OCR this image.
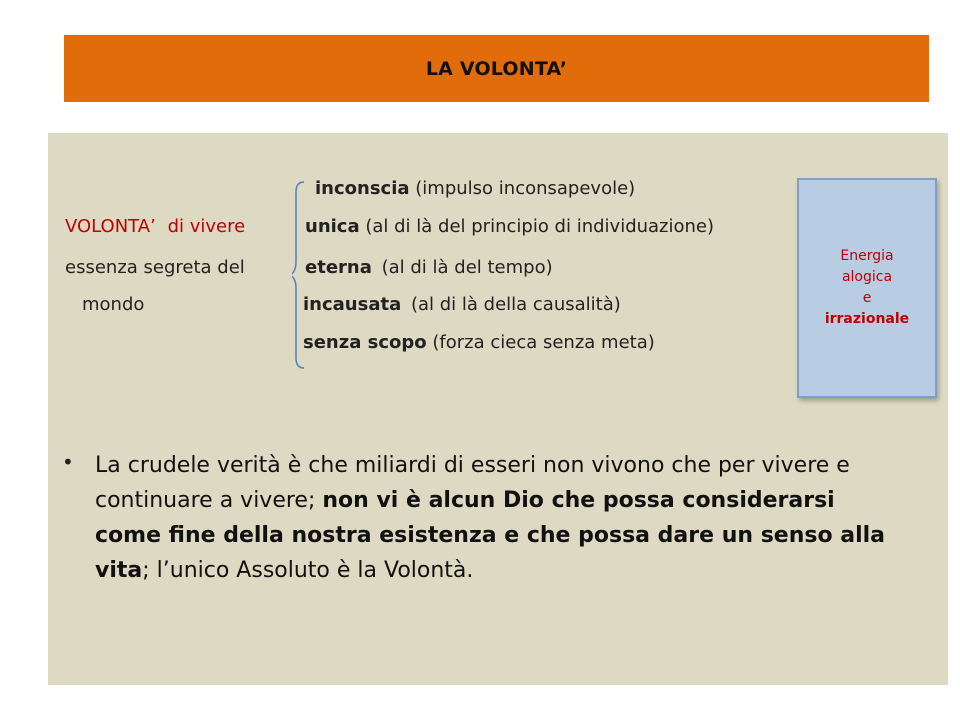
LA VOLONTA’
VOLONTA’ di vivere
essenza segreta del
mondo
inconscia (impulso inconsapevole)
unica (al di là del principio di individuazione)
eterna (al di là del tempo)
incausata (al di là della causalità)
senza scopo (forza cieca senza meta)
Energia
alogica
e
irrazionale
• La crudele verità è che miliardi di esseri non vivono che per vivere e continuare a vivere; non vi è alcun Dio che possa considerarsi come fine della nostra esistenza e che possa dare un senso alla vita; l’unico Assoluto è la Volontà.
